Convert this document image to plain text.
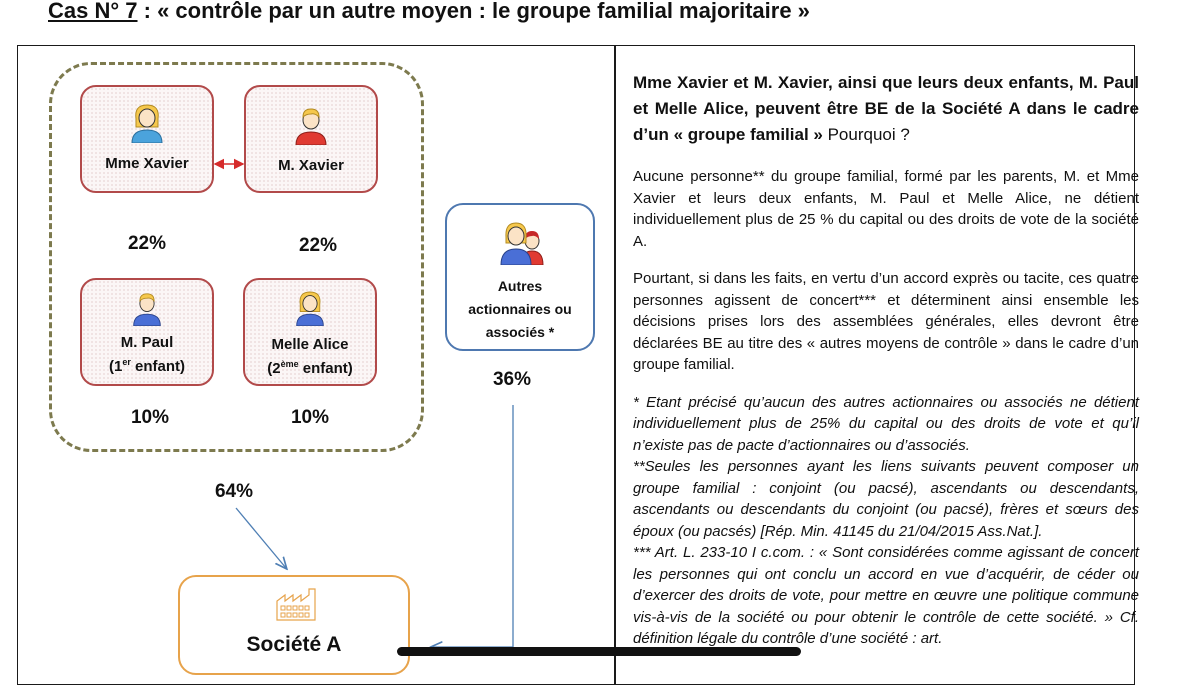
Cas N° 7 : « contrôle par un autre moyen : le groupe familial majoritaire »
Mme Xavier	M. Xavier
M. Paul
(1er enfant)
Melle Alice
(2ème enfant)
22%	22%
10%	10%
64%
36%
Autres
actionnaires ou
associés *
Société A

Mme Xavier et M. Xavier, ainsi que leurs deux enfants, M. Paul et Melle Alice, peuvent être BE de la Société A dans le cadre d’un « groupe familial » Pourquoi ?

Aucune personne** du groupe familial, formé par les parents, M. et Mme Xavier et leurs deux enfants, M. Paul et Melle Alice, ne détient individuellement plus de 25 % du capital ou des droits de vote de la société A.

Pourtant, si dans les faits, en vertu d’un accord exprès ou tacite, ces quatre personnes agissent de concert*** et déterminent ainsi ensemble les décisions prises lors des assemblées générales, elles devront être déclarées BE au titre des « autres moyens de contrôle » dans le cadre d’un groupe familial.

* Etant précisé qu’aucun des autres actionnaires ou associés ne détient individuellement plus de 25% du capital ou des droits de vote et qu’il n’existe pas de pacte d’actionnaires ou d’associés.

**Seules les personnes ayant les liens suivants peuvent composer un groupe familial : conjoint (ou pacsé), ascendants ou descendants, ascendants ou descendants du conjoint (ou pacsé), frères et sœurs des époux (ou pacsés) [Rép. Min. 41145 du 21/04/2015 Ass.Nat.].

*** Art. L. 233-10 I c.com. : « Sont considérées comme agissant de concert les personnes qui ont conclu un accord en vue d’acquérir, de céder ou d’exercer des droits de vote, pour mettre en œuvre une politique commune vis-à-vis de la société ou pour obtenir le contrôle de cette société. » Cf. définition légale du contrôle d’une société : art.
